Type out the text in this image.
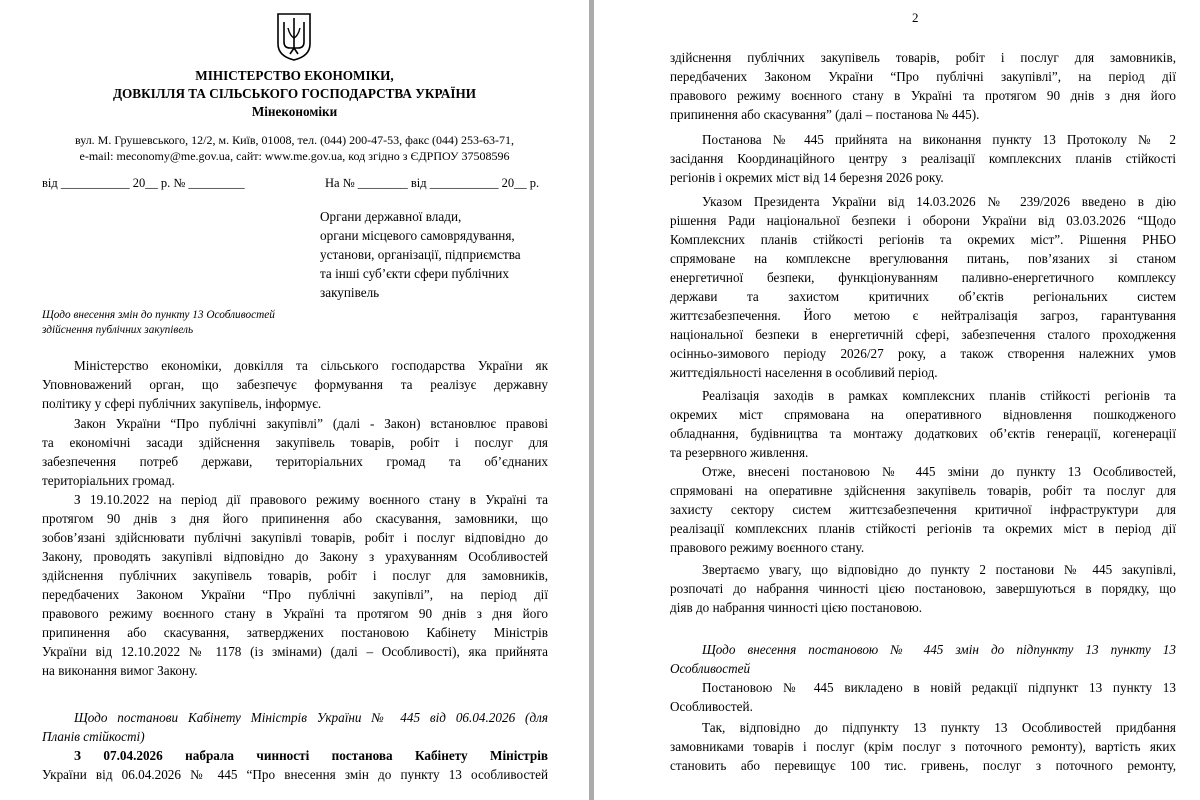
МІНІСТЕРСТВО ЕКОНОМІКИ,
ДОВКІЛЛЯ ТА СІЛЬСЬКОГО ГОСПОДАРСТВА УКРАЇНИ
Мінекономіки
вул. М. Грушевського, 12/2, м. Київ, 01008, тел. (044) 200-47-53, факс (044) 253-63-71,
e-mail: meconomy@me.gov.ua, сайт: www.me.gov.ua, код згідно з ЄДРПОУ 37508596
від ___________ 20__ р. № _________	На № ________ від ___________ 20__ р.
Органи державної влади,
органи місцевого самоврядування,
установи, організації, підприємства
та інші суб’єкти сфери публічних
закупівель
Щодо внесення змін до пункту 13 Особливостей
здійснення публічних закупівель
Міністерство економіки, довкілля та сільського господарства України як
Уповноважений орган, що забезпечує формування та реалізує державну
політику у сфері публічних закупівель, інформує.
Закон України “Про публічні закупівлі” (далі - Закон) встановлює правові
та економічні засади здійснення закупівель товарів, робіт і послуг для
забезпечення потреб держави, територіальних громад та об’єднаних
територіальних громад.
З 19.10.2022 на період дії правового режиму воєнного стану в Україні та
протягом 90 днів з дня його припинення або скасування, замовники, що
зобов’язані здійснювати публічні закупівлі товарів, робіт і послуг відповідно до
Закону, проводять закупівлі відповідно до Закону з урахуванням Особливостей
здійснення публічних закупівель товарів, робіт і послуг для замовників,
передбачених Законом України “Про публічні закупівлі”, на період дії
правового режиму воєнного стану в Україні та протягом 90 днів з дня його
припинення або скасування, затверджених постановою Кабінету Міністрів
України від 12.10.2022 № 1178 (із змінами) (далі – Особливості), яка прийнята
на виконання вимог Закону.
Щодо постанови Кабінету Міністрів України № 445 від 06.04.2026 (для
Планів стійкості)
З 07.04.2026 набрала чинності постанова Кабінету Міністрів
України від 06.04.2026 № 445 “Про внесення змін до пункту 13 особливостей
2
здійснення публічних закупівель товарів, робіт і послуг для замовників,
передбачених Законом України “Про публічні закупівлі”, на період дії
правового режиму воєнного стану в Україні та протягом 90 днів з дня його
припинення або скасування” (далі – постанова № 445).
Постанова № 445 прийнята на виконання пункту 13 Протоколу № 2
засідання Координаційного центру з реалізації комплексних планів стійкості
регіонів і окремих міст від 14 березня 2026 року.
Указом Президента України від 14.03.2026 № 239/2026 введено в дію
рішення Ради національної безпеки і оборони України від 03.03.2026 “Щодо
Комплексних планів стійкості регіонів та окремих міст”. Рішення РНБО
спрямоване на комплексне врегулювання питань, пов’язаних зі станом
енергетичної безпеки, функціонуванням паливно-енергетичного комплексу
держави та захистом критичних об’єктів регіональних систем
життєзабезпечення. Його метою є нейтралізація загроз, гарантування
національної безпеки в енергетичній сфері, забезпечення сталого проходження
осінньо-зимового періоду 2026/27 року, а також створення належних умов
життєдіяльності населення в особливий період.
Реалізація заходів в рамках комплексних планів стійкості регіонів та
окремих міст спрямована на оперативного відновлення пошкодженого
обладнання, будівництва та монтажу додаткових об’єктів генерації, когенерації
та резервного живлення.
Отже, внесені постановою № 445 зміни до пункту 13 Особливостей,
спрямовані на оперативне здійснення закупівель товарів, робіт та послуг для
захисту сектору систем життєзабезпечення критичної інфраструктури для
реалізації комплексних планів стійкості регіонів та окремих міст в період дії
правового режиму воєнного стану.
Звертаємо увагу, що відповідно до пункту 2 постанови № 445 закупівлі,
розпочаті до набрання чинності цією постановою, завершуються в порядку, що
діяв до набрання чинності цією постановою.
Щодо внесення постановою № 445 змін до підпункту 13 пункту 13
Особливостей
Постановою № 445 викладено в новій редакції підпункт 13 пункту 13
Особливостей.
Так, відповідно до підпункту 13 пункту 13 Особливостей придбання
замовниками товарів і послуг (крім послуг з поточного ремонту), вартість яких
становить або перевищує 100 тис. гривень, послуг з поточного ремонту,
